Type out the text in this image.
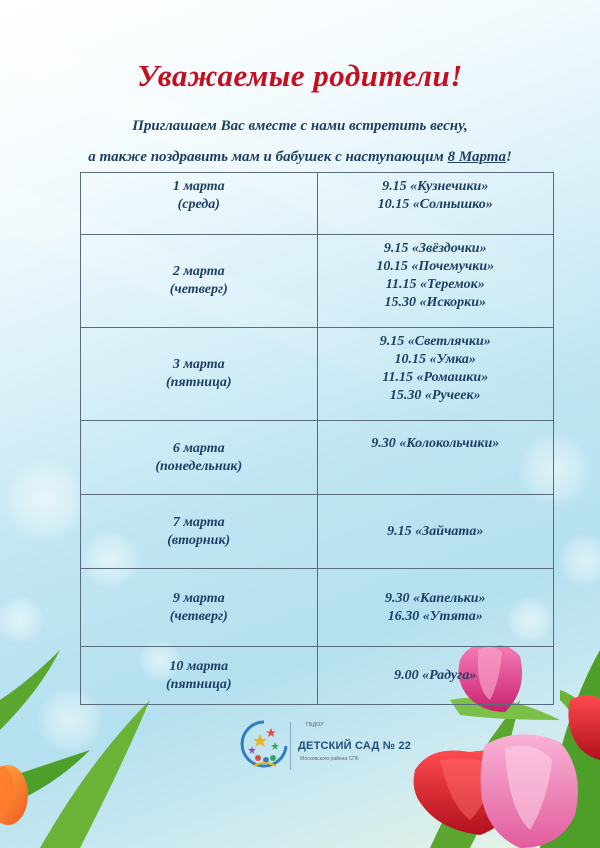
Уважаемые родители!
Приглашаем Вас вместе с нами встретить весну,
а также поздравить мам и бабушек с наступающим 8 Марта!
1 марта
(среда)	9.15 «Кузнечики»
10.15 «Солнышко»

2 марта
(четверг)	9.15 «Звёздочки»
10.15 «Почемучки»
11.15 «Теремок»
15.30 «Искорки»

3 марта
(пятница)	9.15 «Светлячки»
10.15 «Умка»
11.15 «Ромашки»
15.30 «Ручеек»

6 марта
(понедельник)	9.30 «Колокольчики»

7 марта
(вторник)	9.15 «Зайчата»

9 марта
(четверг)	9.30 «Капельки»
16.30 «Утята»

10 марта
(пятница)	9.00 «Радуга»
ГБДОУ
ДЕТСКИЙ САД № 22
Московского района СПб
